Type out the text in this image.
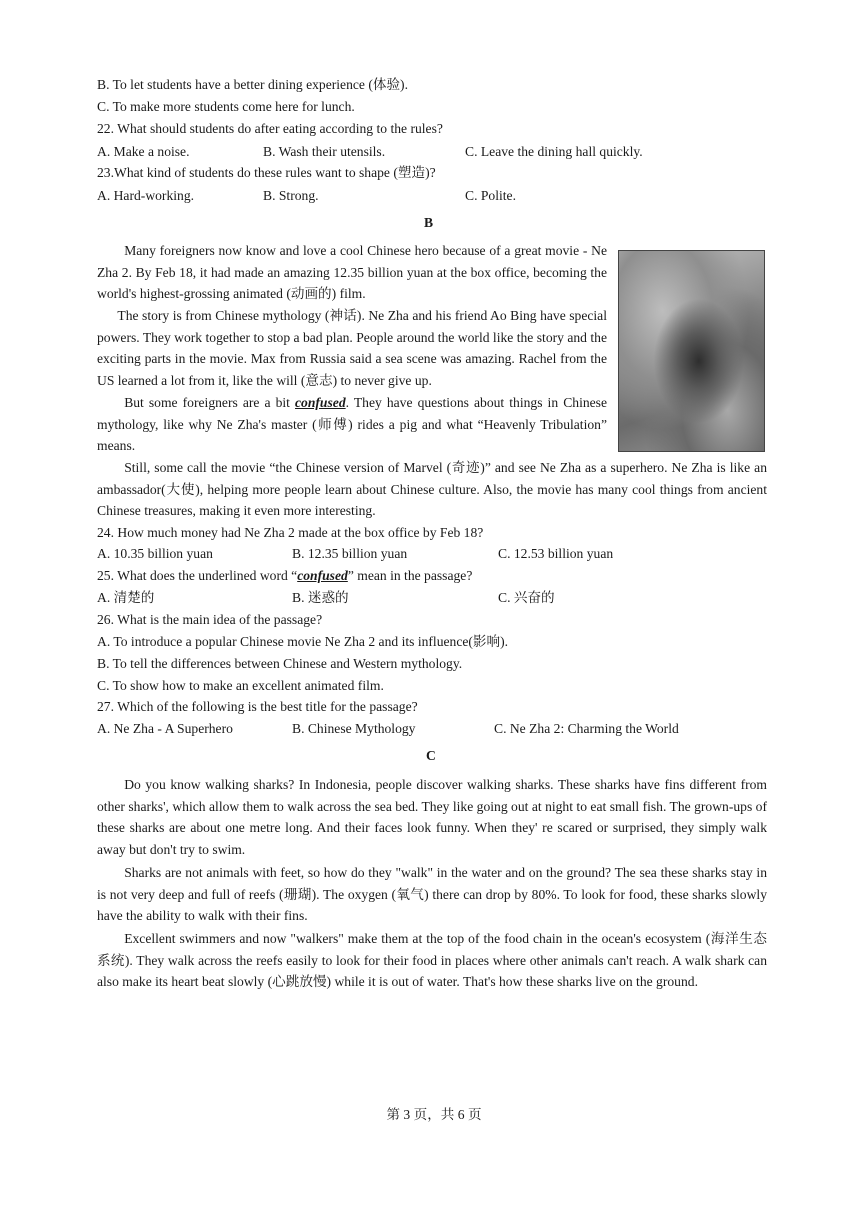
B. To let students have a better dining experience (体验).
C. To make more students come here for lunch.
22. What should students do after eating according to the rules?
A. Make a noise.	B. Wash their utensils.	C. Leave the dining hall quickly.
23.What kind of students do these rules want to shape (塑造)?
A. Hard-working.	B. Strong.	C. Polite.
B

Many foreigners now know and love a cool Chinese hero because of a great movie - Ne Zha 2. By Feb 18, it had made an amazing 12.35 billion yuan at the box office, becoming the world's highest-grossing animated (动画的) film.

The story is from Chinese mythology (神话). Ne Zha and his friend Ao Bing have special powers. They work together to stop a bad plan. People around the world like the story and the exciting parts in the movie. Max from Russia said a sea scene was amazing. Rachel from the US learned a lot from it, like the will (意志) to never give up.

But some foreigners are a bit confused. They have questions about things in Chinese mythology, like why Ne Zha's master (师傅) rides a pig and what “Heavenly Tribulation” means.

Still, some call the movie “the Chinese version of Marvel (奇迹)” and see Ne Zha as a superhero. Ne Zha is like an ambassador(大使), helping more people learn about Chinese culture. Also, the movie has many cool things from ancient Chinese treasures, making it even more interesting.

24. How much money had Ne Zha 2 made at the box office by Feb 18?
A. 10.35 billion yuan	B. 12.35 billion yuan	C. 12.53 billion yuan
25. What does the underlined word “confused” mean in the passage?
A. 清楚的	B. 迷惑的	C. 兴奋的
26. What is the main idea of the passage?
A. To introduce a popular Chinese movie Ne Zha 2 and its influence(影响).
B. To tell the differences between Chinese and Western mythology.
C. To show how to make an excellent animated film.
27. Which of the following is the best title for the passage?
A. Ne Zha - A Superhero	B. Chinese Mythology	C. Ne Zha 2: Charming the World
C

Do you know walking sharks? In Indonesia, people discover walking sharks. These sharks have fins different from other sharks', which allow them to walk across the sea bed. They like going out at night to eat small fish. The grown-ups of these sharks are about one metre long. And their faces look funny. When they' re scared or surprised, they simply walk away but don't try to swim.

Sharks are not animals with feet, so how do they "walk" in the water and on the ground? The sea these sharks stay in is not very deep and full of reefs (珊瑚). The oxygen (氧气) there can drop by 80%. To look for food, these sharks slowly have the ability to walk with their fins.

Excellent swimmers and now "walkers" make them at the top of the food chain in the ocean's ecosystem (海洋生态系统). They walk across the reefs easily to look for their food in places where other animals can't reach. A walk shark can also make its heart beat slowly (心跳放慢) while it is out of water. That's how these sharks live on the ground.

第 3 页，共 6 页
